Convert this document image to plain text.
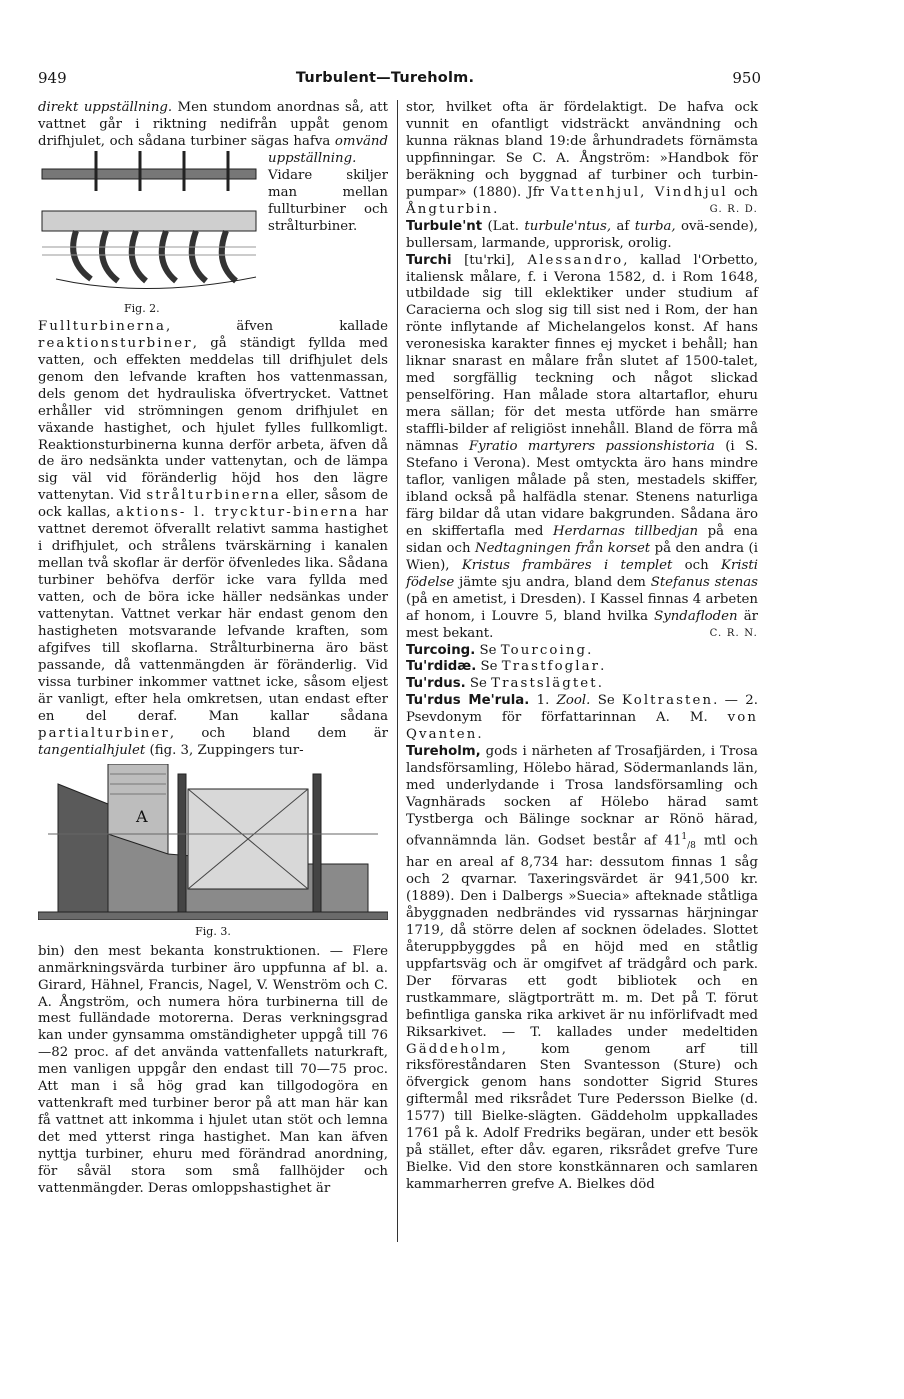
949	Turbulent—Tureholm.	950

direkt uppställning. Men stundom anordnas så, att vattnet går i riktning nedifrån uppåt genom drifhjulet, och sådana turbiner sägas hafva omvänd uppställning.
Fig. 2.
Vidare skiljer man mellan fullturbiner och strålturbiner. Fullturbinerna, äfven kallade reaktionsturbiner, gå ständigt fyllda med vatten, och effekten meddelas till drifhjulet dels genom den lefvande kraften hos vattenmassan, dels genom det hydrauliska öfvertrycket. Vattnet erhåller vid strömningen genom drifhjulet en växande hastighet, och hjulet fylles fullkomligt. Reaktionsturbinerna kunna derför arbeta, äfven då de äro nedsänkta under vattenytan, och de lämpa sig väl vid föränderlig höjd hos den lägre vattenytan. Vid strålturbinerna eller, såsom de ock kallas, aktions- l. trycktur-binerna har vattnet deremot öfverallt relativt samma hastighet i drifhjulet, och strålens tvärskärning i kanalen mellan två skoflar är derför öfvenledes lika. Sådana turbiner behöfva derför icke vara fyllda med vatten, och de böra icke häller nedsänkas under vattenytan. Vattnet verkar här endast genom den hastigheten motsvarande lefvande kraften, som afgifves till skoflarna. Strålturbinerna äro bäst passande, då vattenmängden är föränderlig. Vid vissa turbiner inkommer vattnet icke, såsom eljest är vanligt, efter hela omkretsen, utan endast efter en del deraf. Man kallar sådana partialturbiner, och bland dem är tangentialhjulet (fig. 3, Zuppingers tur-

A
Fig. 3.

bin) den mest bekanta konstruktionen. — Flere anmärkningsvärda turbiner äro uppfunna af bl. a. Girard, Hähnel, Francis, Nagel, V. Wenström och C. A. Ångström, och numera höra turbinerna till de mest fulländade motorerna. Deras verkningsgrad kan under gynsamma omständigheter uppgå till 76—82 proc. af det använda vattenfallets naturkraft, men vanligen uppgår den endast till 70—75 proc. Att man i så hög grad kan tillgodogöra en vattenkraft med turbiner beror på att man här kan få vattnet att inkomma i hjulet utan stöt och lemna det med ytterst ringa hastighet. Man kan äfven nyttja turbiner, ehuru med förändrad anordning, för såväl stora som små fallhöjder och vattenmängder. Deras omloppshastighet är

stor, hvilket ofta är fördelaktigt. De hafva ock vunnit en ofantligt vidsträckt användning och kunna räknas bland 19:de århundradets förnämsta uppfinningar. Se C. A. Ångström: »Handbok för beräkning och byggnad af turbiner och turbin-pumpar» (1880). Jfr Vattenhjul, Vindhjul och Ångturbin.	G. R. D.

Turbule'nt (Lat. turbule'ntus, af turba, ovä-sende), bullersam, larmande, upprorisk, orolig.

Turchi [tu'rki], Alessandro, kallad l'Orbetto, italiensk målare, f. i Verona 1582, d. i Rom 1648, utbildade sig till eklektiker under studium af Caracierna och slog sig till sist ned i Rom, der han rönte inflytande af Michelangelos konst. Af hans veronesiska karakter finnes ej mycket i behåll; han liknar snarast en målare från slutet af 1500-talet, med sorgfällig teckning och något slickad penselföring. Han målade stora altartaflor, ehuru mera sällan; för det mesta utförde han smärre staffli-bilder af religiöst innehåll. Bland de förra må nämnas Fyratio martyrers passionshistoria (i S. Stefano i Verona). Mest omtyckta äro hans mindre taflor, vanligen målade på sten, mestadels skiffer, ibland också på halfädla stenar. Stenens naturliga färg bildar då utan vidare bakgrunden. Sådana äro en skiffertafla med Herdarnas tillbedjan på ena sidan och Nedtagningen från korset på den andra (i Wien), Kristus frambäres i templet och Kristi födelse jämte sju andra, bland dem Stefanus stenas (på en ametist, i Dresden). I Kassel finnas 4 arbeten af honom, i Louvre 5, bland hvilka Syndafloden är mest bekant.	C. R. N.

Turcoing. Se Tourcoing.

Tu'rdidæ. Se Trastfoglar.

Tu'rdus. Se Trastslägtet.

Tu'rdus Me'rula. 1. Zool. Se Koltrasten. — 2. Psevdonym för författarinnan A. M. von Qvanten.

Tureholm, gods i närheten af Trosafjärden, i Trosa landsförsamling, Hölebo härad, Södermanlands län, med underlydande i Trosa landsförsamling och Vagnhärads socken af Hölebo härad samt Tystberga och Bälinge socknar ar Rönö härad, ofvannämnda län. Godset består af $41^1_{/8}$ mtl och har en areal af 8,734 har: dessutom finnas 1 såg och 2 qvarnar. Taxeringsvärdet är 941,500 kr. (1889). Den i Dalbergs »Suecia» afteknade ståtliga åbyggnaden nedbrändes vid ryssarnas härjningar 1719, då större delen af socknen ödelades. Slottet återuppbyggdes på en höjd med en ståtlig uppfartsväg och är omgifvet af trädgård och park. Der förvaras ett godt bibliotek och en rustkammare, slägtporträtt m. m. Det på T. förut befintliga ganska rika arkivet är nu införlifvadt med Riksarkivet. — T. kallades under medeltiden Gäddeholm, kom genom arf till riksföreståndaren Sten Svantesson (Sture) och öfvergick genom hans sondotter Sigrid Stures giftermål med riksrådet Ture Pedersson Bielke (d. 1577) till Bielke-slägten. Gäddeholm uppkallades 1761 på k. Adolf Fredriks begäran, under ett besök på stället, efter dåv. egaren, riksrådet grefve Ture Bielke. Vid den store konstkännaren och samlaren kammarherren grefve A. Bielkes död
